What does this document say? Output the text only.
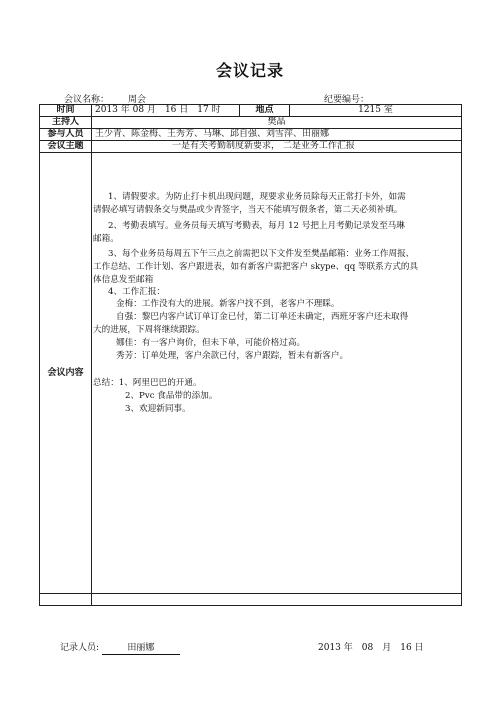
会议记录
会议名称： 周会	纪要编号：
时间	2013 年 08 月　16 日　17 时	地点	1215 室
主持人	樊晶		
参与人员	王少青、陈金梅、王秀芳、马琳、邱自强、刘雪萍、田丽娜		
会议主题	一是有关考勤制度新要求， 二是业务工作汇报		
会议内容			

1、请假要求。为防止打卡机出现问题，现要求业务员除每天正常打卡外，如需
请假必填写请假条交与樊晶或少青签字，当天不能填写假条者，第二天必须补填。
2、考勤表填写。业务员每天填写考勤表，每月 12 号把上月考勤记录发至马琳
邮箱。
3、每个业务员每周五下午三点之前需把以下文件发至樊晶邮箱：业务工作周报、
工作总结、工作计划、客户跟进表，如有新客户需把客户 skype、qq 等联系方式的具
体信息发至邮箱
4、工作汇报：
金梅：工作没有大的进展。新客户找不到，老客户不理睬。
自强：黎巴内客户试订单订金已付，第二订单还未确定，西班牙客户还未取得
大的进展，下周将继续跟踪。
娜佳：有一客户询价，但未下单，可能价格过高。
秀芳：订单处理，客户余款已付，客户跟踪，暂未有新客户。
总结：1、阿里巴巴的开通。
2、Pvc 食品带的添加。
3、欢迎新同事。
记录人员:	田丽娜	2013 年　08　月　16 日
